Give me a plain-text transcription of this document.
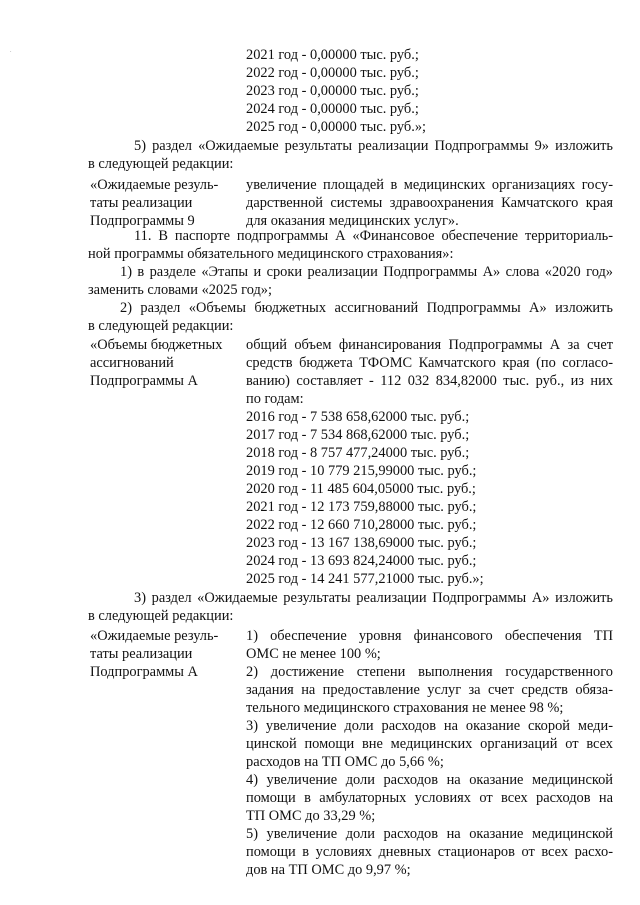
.	2021 год - 0,00000 тыс. руб.;
2022 год - 0,00000 тыс. руб.;
2023 год - 0,00000 тыс. руб.;
2024 год - 0,00000 тыс. руб.;
2025 год - 0,00000 тыс. руб.»;
5) раздел «Ожидаемые результаты реализации Подпрограммы 9» изложить
в следующей редакции:
«Ожидаемые резуль-
таты реализации
Подпрограммы 9
увеличение площадей в медицинских организациях госу-
дарственной системы здравоохранения Камчатского края
для оказания медицинских услуг».
11. В паспорте подпрограммы А «Финансовое обеспечение территориаль-
ной программы обязательного медицинского страхования»:
1) в разделе «Этапы и сроки реализации Подпрограммы А» слова «2020 год»
заменить словами «2025 год»;
2) раздел «Объемы бюджетных ассигнований Подпрограммы А» изложить
в следующей редакции:
«Объемы бюджетных
ассигнований
Подпрограммы А
общий объем финансирования Подпрограммы А за счет
средств бюджета ТФОМС Камчатского края (по согласо-
ванию) составляет - 112 032 834,82000 тыс. руб., из них
по годам:
2016 год - 7 538 658,62000 тыс. руб.;
2017 год - 7 534 868,62000 тыс. руб.;
2018 год - 8 757 477,24000 тыс. руб.;
2019 год - 10 779 215,99000 тыс. руб.;
2020 год - 11 485 604,05000 тыс. руб.;
2021 год - 12 173 759,88000 тыс. руб.;
2022 год - 12 660 710,28000 тыс. руб.;
2023 год - 13 167 138,69000 тыс. руб.;
2024 год - 13 693 824,24000 тыс. руб.;
2025 год - 14 241 577,21000 тыс. руб.»;
3) раздел «Ожидаемые результаты реализации Подпрограммы А» изложить
в следующей редакции:
«Ожидаемые резуль-
таты реализации
Подпрограммы А
1) обеспечение уровня финансового обеспечения ТП
ОМС не менее 100 %;
2) достижение степени выполнения государственного
задания на предоставление услуг за счет средств обяза-
тельного медицинского страхования не менее 98 %;
3) увеличение доли расходов на оказание скорой меди-
цинской помощи вне медицинских организаций от всех
расходов на ТП ОМС до 5,66 %;
4) увеличение доли расходов на оказание медицинской
помощи в амбулаторных условиях от всех расходов на
ТП ОМС до 33,29 %;
5) увеличение доли расходов на оказание медицинской
помощи в условиях дневных стационаров от всех расхо-
дов на ТП ОМС до 9,97 %;
